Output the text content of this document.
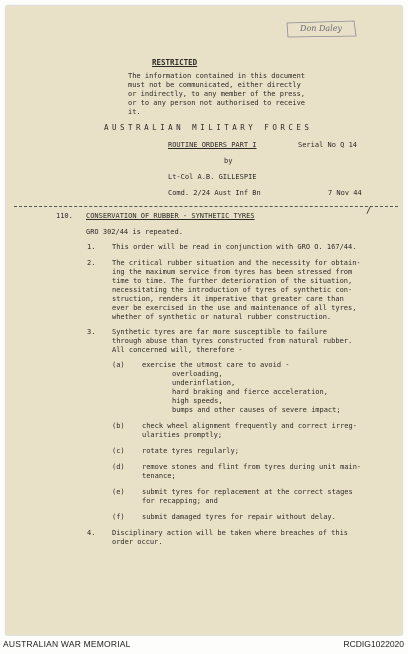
Don Daley
RESTRICTED
The information contained in this document
must not be communicated, either directly
or indirectly, to any member of the press,
or to any person not authorised to receive
it.
AUSTRALIAN MILITARY FORCES
ROUTINE ORDERS PART I	Serial No Q 14
by
Lt-Col A.B. GILLESPIE
Comd. 2/24 Aust Inf Bn	7 Nov 44
110. CONSERVATION OF RUBBER - SYNTHETIC TYRES	/
GRO 302/44 is repeated.
1. This order will be read in conjunction with GRO O. 167/44.
2. The critical rubber situation and the necessity for obtain-
ing the maximum service from tyres has been stressed from
time to time. The further deterioration of the situation,
necessitating the introduction of tyres of synthetic con-
struction, renders it imperative that greater care than
ever be exercised in the use and maintenance of all tyres,
whether of synthetic or natural rubber construction.
3. Synthetic tyres are far more susceptible to failure
through abuse than tyres constructed from natural rubber.
All concerned will, therefore -
(a) exercise the utmost care to avoid -
overloading,
underinflation,
hard braking and fierce acceleration,
high speeds,
bumps and other causes of severe impact;
(b) check wheel alignment frequently and correct irreg-
ularities promptly;
(c) rotate tyres regularly;
(d) remove stones and flint from tyres during unit main-
tenance;
(e) submit tyres for replacement at the correct stages
for recapping; and
(f) submit damaged tyres for repair without delay.
4. Disciplinary action will be taken where breaches of this
order occur.
AUSTRALIAN WAR MEMORIAL	RCDIG1022020
